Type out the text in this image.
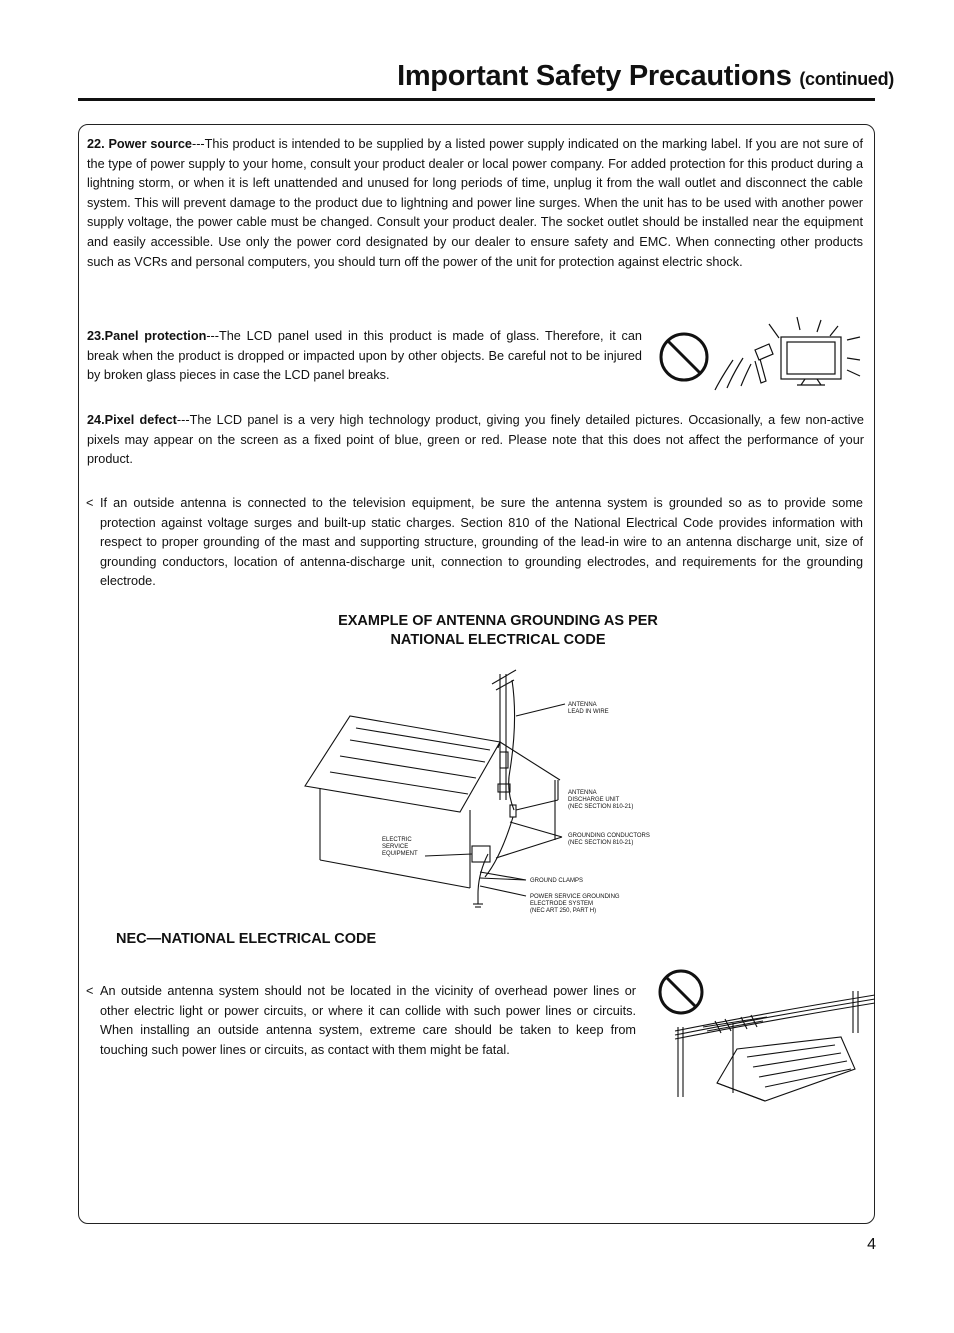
Important Safety Precautions (continued)
22. Power source---This product is intended to be supplied by a listed power supply indicated on the marking label. If you are not sure of the type of power supply to your home, consult your product dealer or local power company. For added protection for this product during a lightning storm, or when it is left unattended and unused for long periods of time, unplug it from the wall outlet and disconnect the cable system. This will prevent damage to the product due to lightning and power line surges. When the unit has to be used with another power supply voltage, the power cable must be changed. Consult your product dealer. The socket outlet should be installed near the equipment and easily accessible. Use only the power cord designated by our dealer to ensure safety and EMC. When connecting other products such as VCRs and personal computers, you should turn off the power of the unit for protection against electric shock.
23.Panel protection---The LCD panel used in this product is made of glass. Therefore, it can break when the product is dropped or impacted upon by other objects. Be careful not to be injured by broken glass pieces in case the LCD panel breaks.
24.Pixel defect---The LCD panel is a very high technology product, giving you finely detailed pictures. Occasionally, a few non-active pixels may appear on the screen as a fixed point of blue, green or red. Please note that this does not affect the performance of your product.
< If an outside antenna is connected to the television equipment, be sure the antenna system is grounded so as to provide some protection against voltage surges and built-up static charges. Section 810 of the National Electrical Code provides information with respect to proper grounding of the mast and supporting structure, grounding of the lead-in wire to an antenna discharge unit, size of grounding conductors, location of antenna-discharge unit, connection to grounding electrodes, and requirements for the grounding electrode.
EXAMPLE OF ANTENNA GROUNDING AS PER
NATIONAL ELECTRICAL CODE
ANTENNA
LEAD IN WIRE
ANTENNA
DISCHARGE UNIT
(NEC SECTION 810-21)
GROUNDING CONDUCTORS
(NEC SECTION 810-21)
ELECTRIC
SERVICE
EQUIPMENT
GROUND CLAMPS
POWER SERVICE GROUNDING
ELECTRODE SYSTEM
(NEC ART 250, PART H)
NEC—NATIONAL ELECTRICAL CODE
< An outside antenna system should not be located in the vicinity of overhead power lines or other electric light or power circuits, or where it can collide with such power lines or circuits. When installing an outside antenna system, extreme care should be taken to keep from touching such power lines or circuits, as contact with them might be fatal.
4
